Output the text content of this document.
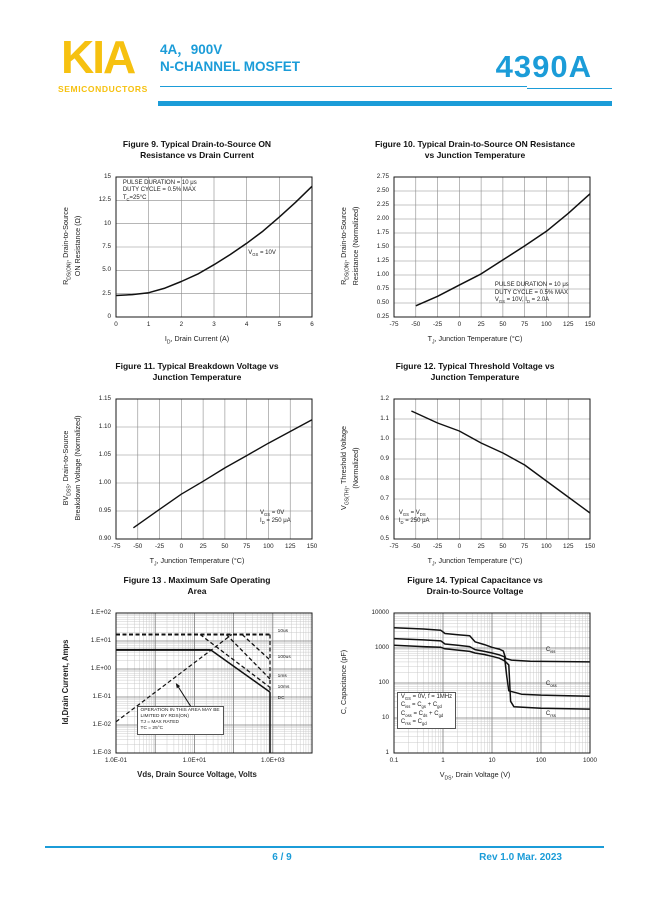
KIA
SEMICONDUCTORS
4A，900V
N-CHANNEL MOSFET	4390A
Figure 9. Typical Drain-to-Source ON
Resistance vs Drain Current
0
2.5
5.0
7.5
10
12.5
15
0	1	2	3	4	5	6
$I_D$, Drain Current (A)
$R_{DS(ON)}$, Drain-to-Source ON Resistance (Ω)
PULSE DURATION = 10 μs
DUTY CYCLE = 0.5% MAX
$T_C=25^\circ C$
$V_{GS} = 10V$
Figure 10. Typical Drain-to-Source ON Resistance
vs Junction Temperature
0.25
0.50
0.75
1.00
1.25
1.50
1.75
2.00
2.25
2.50
2.75
-75	-50	-25	0	25	50	75	100	125	150
$T_J$, Junction Temperature (°C)
$R_{DS(ON)}$, Drain-to-Source Resistance (Normalized)
PULSE DURATION = 10 μs
DUTY CYCLE = 0.5% MAX
$V_{GS} = 10V$, $I_D = 2.0A$
Figure 11. Typical Breakdown Voltage vs
Junction Temperature
0.90
0.95
1.00
1.05
1.10
1.15
-75	-50	-25	0	25	50	75	100	125	150
$T_J$, Junction Temperature (°C)
$BV_{DSS}$, Drain-to-Source Breakdown Voltage (Normalized)	$V_{GS} = 0V$
$I_D = 250$ μA
Figure 12. Typical Threshold Voltage vs
Junction Temperature
0.5
0.6
0.7
0.8
0.9
1.0
1.1
1.2
-75	-50	-25	0	25	50	75	100	125	150
$T_J$, Junction Temperature (°C)
$V_{GS(TH)}$, Threshold Voltage (Normalized)
$V_{GS} = V_{DS}$
$I_D = 250$ μA
Figure 13 . Maximum Safe Operating
Area
1.E+02
1.E+01
1.E+00
1.E-01
1.E-02
1.E-03
1.0E-01	1.0E+01	1.0E+03
Vds, Drain Source Voltage, Volts
Id,Drain Current, Amps	OPERATION IN THIS AREA MAY BE
LIMITED BY RDS(ON)
TJ = MAX RATED
TC = 25°C
10us
100us
1ms
10ms
DC
Figure 14. Typical Capacitance vs
Drain-to-Source Voltage
10000
1000
100
10
1
0.1	1	10	100	1000
$V_{DS}$, Drain Voltage (V)
C, Capacitance (pF)	$V_{GS} = 0V$, f = 1MHz
$C_{iss} = C_{gs} + C_{gd}$
$C_{oss} = C_{ds} + C_{gd}$
$C_{rss} = C_{gd}$
$C_{iss}$
$C_{oss}$
$C_{rss}$
6 / 9	Rev 1.0 Mar. 2023
